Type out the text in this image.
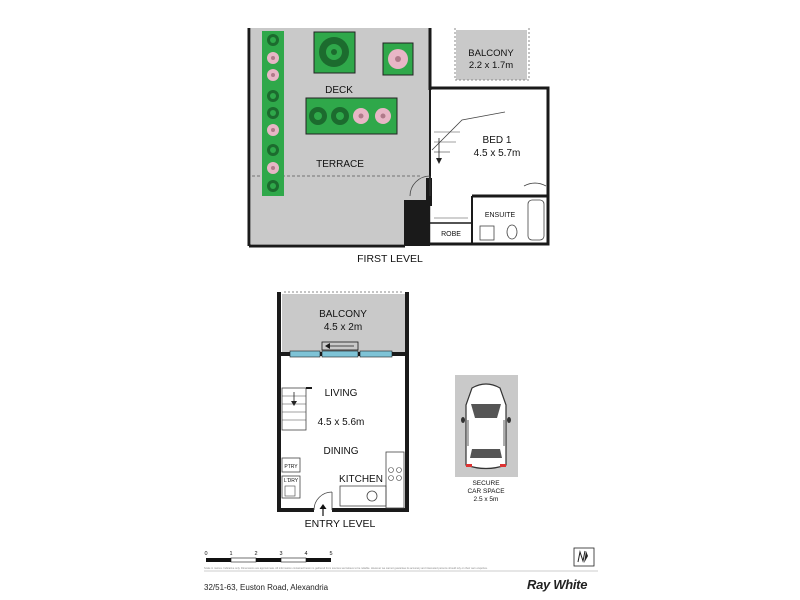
BALCONY
2.2 x 1.7m
DECK
TERRACE
BED 1
4.5 x 5.7m
ENSUITE
ROBE
FIRST LEVEL
BALCONY
4.5 x 2m
LIVING
4.5 x 5.6m
DINING
KITCHEN
PTRY
L'DRY
ENTRY LEVEL
SECURE
CAR SPACE
2.5 x 5m
0	1	2	3	4	5
Scale in metres. Indicative only. Dimensions are approximate. All information contained herein is gathered from sources we believe to be reliable. However we cannot guarantee its accuracy and interested persons should rely on their own enquiries.
32/51-63, Euston Road, Alexandria	Ray White
